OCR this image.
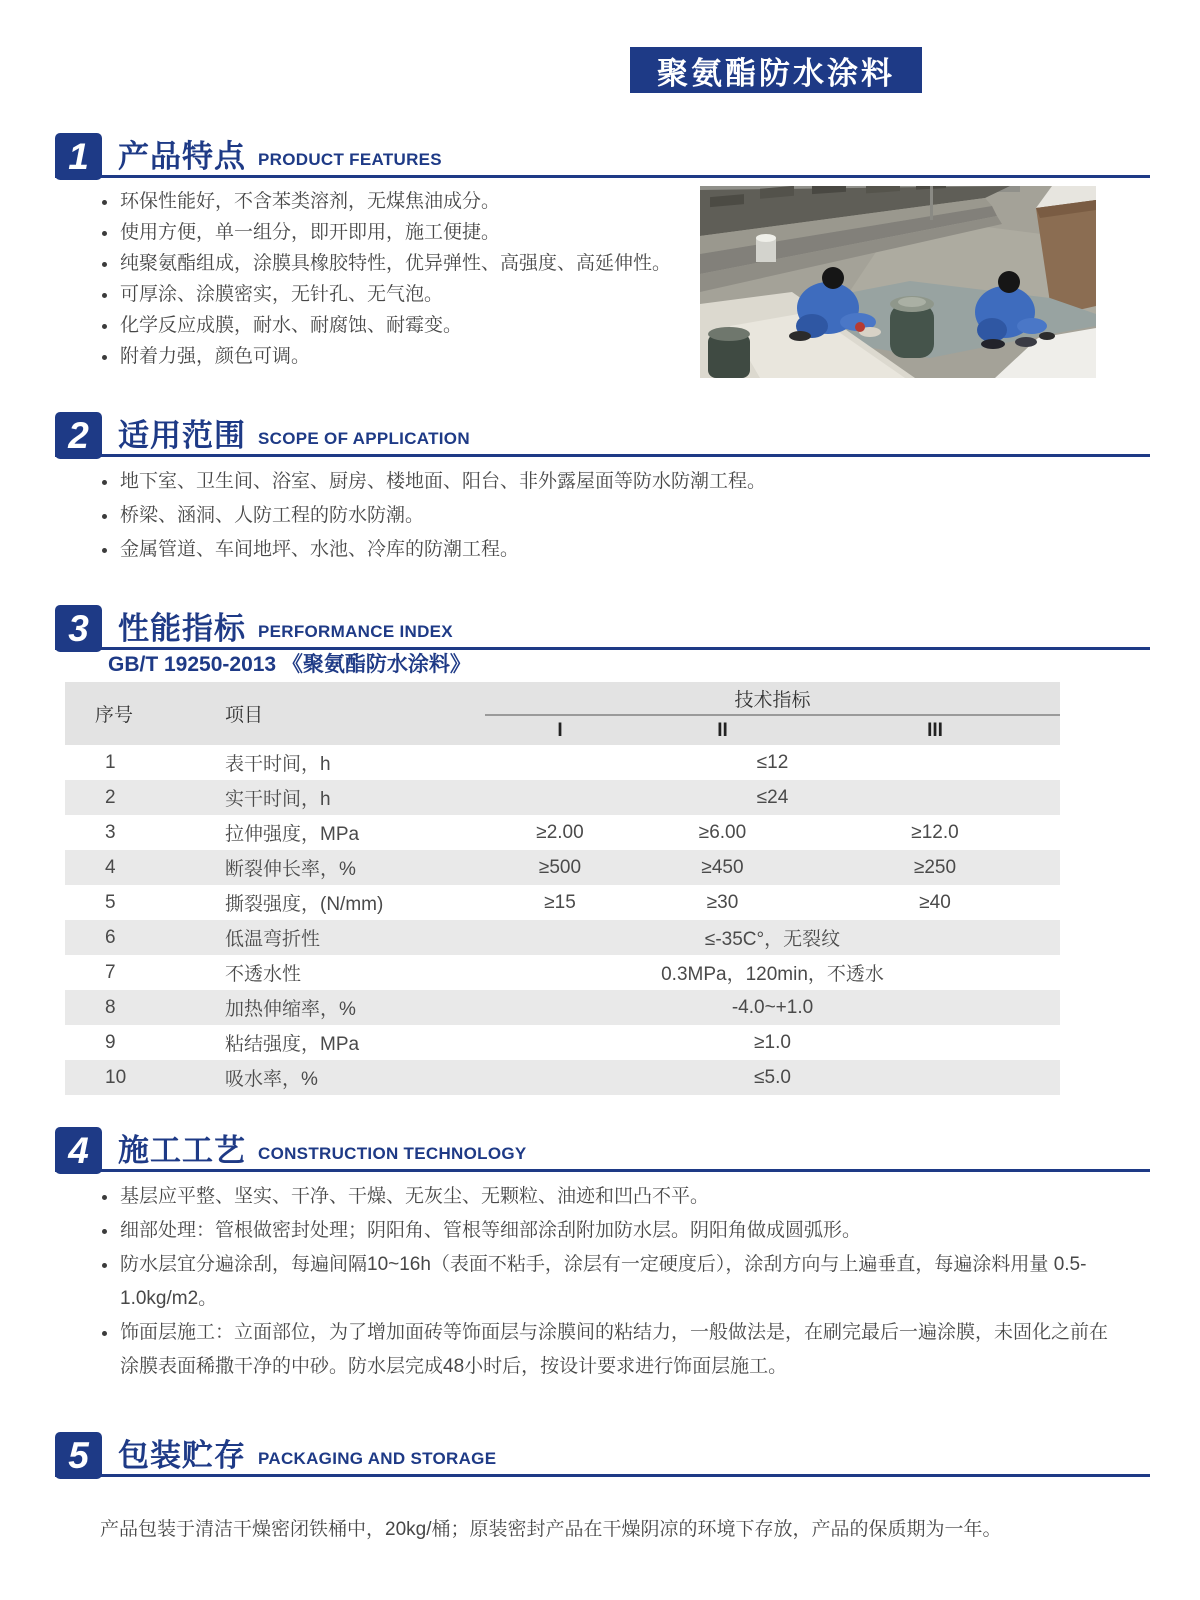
聚氨酯防水涂料
1 产品特点 PRODUCT FEATURES
环保性能好，不含苯类溶剂，无煤焦油成分。
使用方便，单一组分，即开即用，施工便捷。
纯聚氨酯组成，涂膜具橡胶特性，优异弹性、高强度、高延伸性。
可厚涂、涂膜密实，无针孔、无气泡。
化学反应成膜，耐水、耐腐蚀、耐霉变。
附着力强，颜色可调。
2 适用范围 SCOPE OF APPLICATION
地下室、卫生间、浴室、厨房、楼地面、阳台、非外露屋面等防水防潮工程。
桥梁、涵洞、人防工程的防水防潮。
金属管道、车间地坪、水池、冷库的防潮工程。
3 性能指标 PERFORMANCE INDEX
GB/T 19250-2013 《聚氨酯防水涂料》
序号	项目	技术指标		
		I	II	III
1	表干时间，h	≤12		
2	实干时间，h	≤24		
3	拉伸强度，MPa	≥2.00	≥6.00	≥12.0
4	断裂伸长率，%	≥500	≥450	≥250
5	撕裂强度，(N/mm)	≥15	≥30	≥40
6	低温弯折性	≤-35C°，无裂纹		
7	不透水性	0.3MPa，120min，不透水		
8	加热伸缩率，%	-4.0~+1.0		
9	粘结强度，MPa	≥1.0		
10	吸水率，%	≤5.0		
4 施工工艺 CONSTRUCTION TECHNOLOGY
基层应平整、坚实、干净、干燥、无灰尘、无颗粒、油迹和凹凸不平。
细部处理：管根做密封处理；阴阳角、管根等细部涂刮附加防水层。阴阳角做成圆弧形。
防水层宜分遍涂刮，每遍间隔10~16h（表面不粘手，涂层有一定硬度后），涂刮方向与上遍垂直，每遍涂料用量 0.5-1.0kg/m2。
饰面层施工：立面部位，为了增加面砖等饰面层与涂膜间的粘结力，一般做法是，在刷完最后一遍涂膜，未固化之前在涂膜表面稀撒干净的中砂。防水层完成48小时后，按设计要求进行饰面层施工。
5 包装贮存 PACKAGING AND STORAGE

产品包装于清洁干燥密闭铁桶中，20kg/桶；原装密封产品在干燥阴凉的环境下存放，产品的保质期为一年。
